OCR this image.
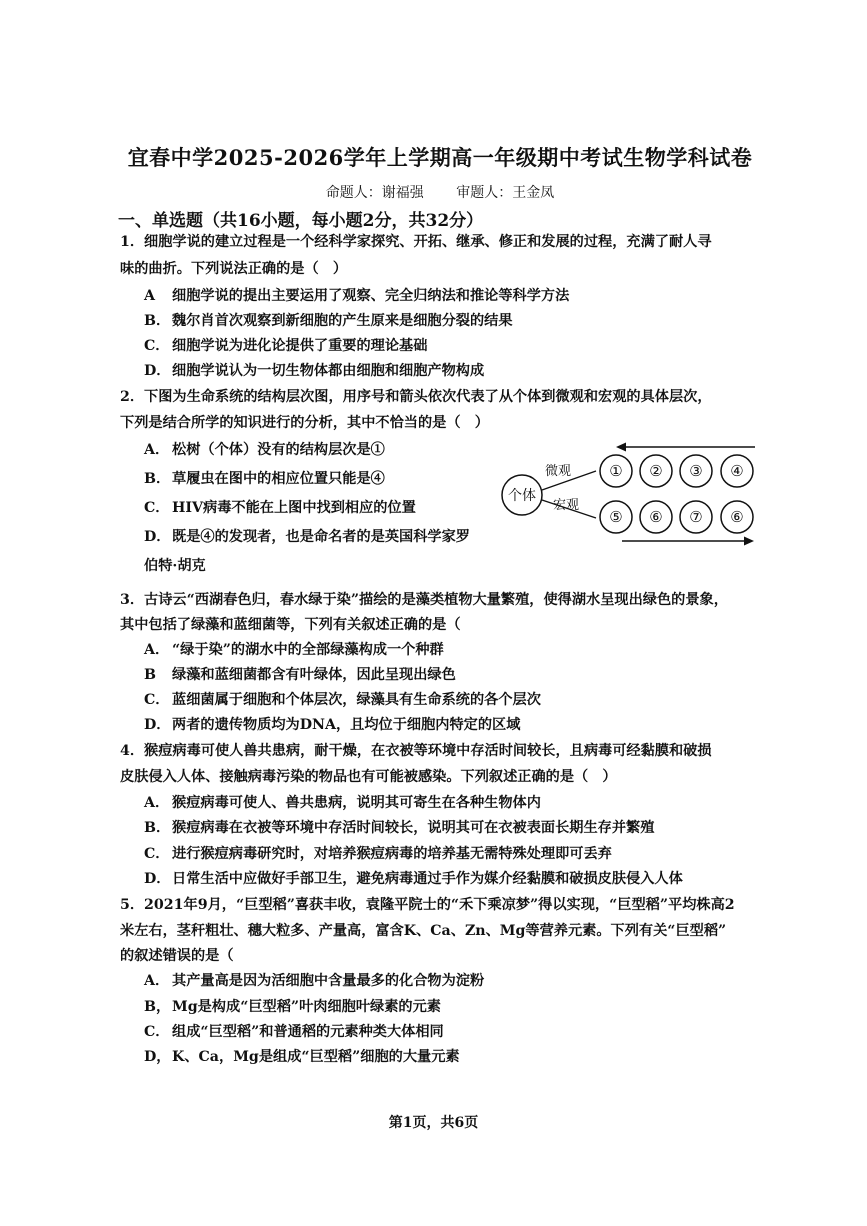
宜春中学2025-2026学年上学期高一年级期中考试生物学科试卷
命题人：谢福强 审题人：王金凤
一、单选题（共16小题，每小题2分，共32分）
1．细胞学说的建立过程是一个经科学家探究、开拓、继承、修正和发展的过程，充满了耐人寻
味的曲折。下列说法正确的是（　）
A 细胞学说的提出主要运用了观察、完全归纳法和推论等科学方法
B． 魏尔肖首次观察到新细胞的产生原来是细胞分裂的结果
C． 细胞学说为进化论提供了重要的理论基础
D． 细胞学说认为一切生物体都由细胞和细胞产物构成
2．下图为生命系统的结构层次图，用序号和箭头依次代表了从个体到微观和宏观的具体层次，
下列是结合所学的知识进行的分析，其中不恰当的是（　）
A． 松树（个体）没有的结构层次是①
B． 草履虫在图中的相应位置只能是④
C． HIV病毒不能在上图中找到相应的位置
D． 既是④的发现者，也是命名者的是英国科学家罗
伯特·胡克
个体
微观
宏观
① ② ③ ④
⑤ ⑥ ⑦ ⑥
3．古诗云“西湖春色归，春水绿于染”描绘的是藻类植物大量繁殖，使得湖水呈现出绿色的景象，
其中包括了绿藻和蓝细菌等，下列有关叙述正确的是（
A． “绿于染”的湖水中的全部绿藻构成一个种群
B 绿藻和蓝细菌都含有叶绿体，因此呈现出绿色
C． 蓝细菌属于细胞和个体层次，绿藻具有生命系统的各个层次
D． 两者的遗传物质均为DNA，且均位于细胞内特定的区域
4．猴痘病毒可使人兽共患病，耐干燥，在衣被等环境中存活时间较长，且病毒可经黏膜和破损
皮肤侵入人体、接触病毒污染的物品也有可能被感染。下列叙述正确的是（　）
A． 猴痘病毒可使人、兽共患病，说明其可寄生在各种生物体内
B． 猴痘病毒在衣被等环境中存活时间较长，说明其可在衣被表面长期生存并繁殖
C． 进行猴痘病毒研究时，对培养猴痘病毒的培养基无需特殊处理即可丢弃
D． 日常生活中应做好手部卫生，避免病毒通过手作为媒介经黏膜和破损皮肤侵入人体
5．2021年9月，“巨型稻”喜获丰收，袁隆平院士的“禾下乘凉梦”得以实现，“巨型稻”平均株高2
米左右，茎秆粗壮、穗大粒多、产量高，富含K、Ca、Zn、Mg等营养元素。下列有关“巨型稻”
的叙述错误的是（
A． 其产量高是因为活细胞中含量最多的化合物为淀粉
B， Mg是构成“巨型稻”叶肉细胞叶绿素的元素
C． 组成“巨型稻”和普通稻的元素种类大体相同
D， K、Ca，Mg是组成“巨型稻”细胞的大量元素
第1页，共6页
